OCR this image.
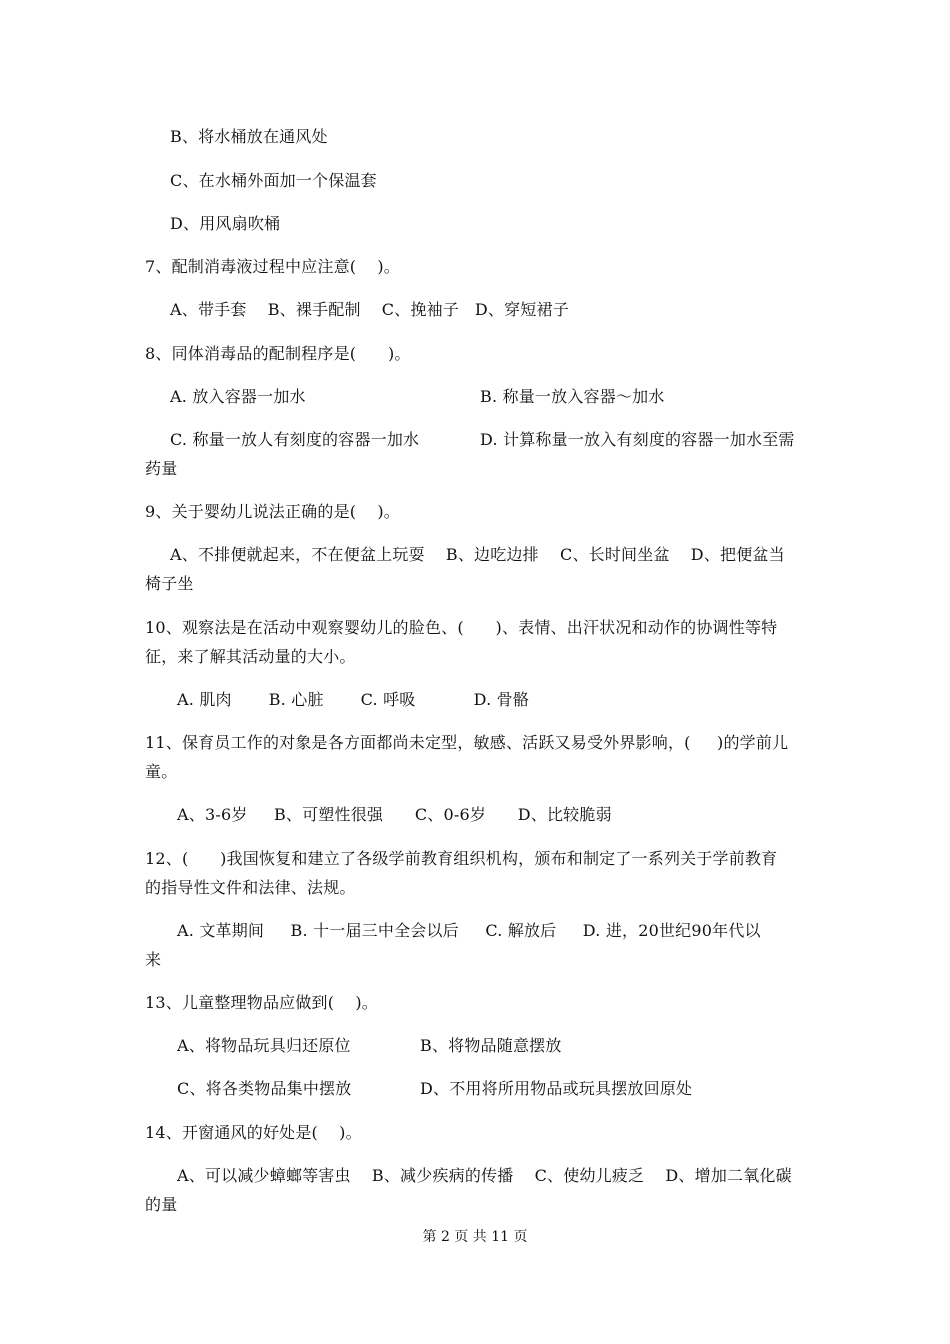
B、将水桶放在通风处
C、在水桶外面加一个保温套
D、用风扇吹桶
7、配制消毒液过程中应注意(    )。
A、带手套    B、裸手配制    C、挽袖子   D、穿短裙子
8、同体消毒品的配制程序是(      )。
A. 放入容器一加水	B. 称量一放入容器～加水
C. 称量一放人有刻度的容器一加水	D. 计算称量一放入有刻度的容器一加水至需
药量
9、关于婴幼儿说法正确的是(    )。
A、不排便就起来，不在便盆上玩耍    B、边吃边排    C、长时间坐盆    D、把便盆当
椅子坐
10、观察法是在活动中观察婴幼儿的脸色、(      )、表情、出汗状况和动作的协调性等特
征，来了解其活动量的大小。
A. 肌肉       B. 心脏       C. 呼吸           D. 骨骼
11、保育员工作的对象是各方面都尚未定型，敏感、活跃又易受外界影响，(     )的学前儿
童。
A、3-6岁     B、可塑性很强      C、0-6岁      D、比较脆弱
12、(      )我国恢复和建立了各级学前教育组织机构，颁布和制定了一系列关于学前教育
的指导性文件和法律、法规。
A. 文革期间     B. 十一届三中全会以后     C. 解放后     D. 进，20世纪90年代以
来
13、儿童整理物品应做到(    )。
A、将物品玩具归还原位	B、将物品随意摆放
C、将各类物品集中摆放	D、不用将所用物品或玩具摆放回原处
14、开窗通风的好处是(    )。
A、可以减少蟑螂等害虫    B、减少疾病的传播    C、使幼儿疲乏    D、增加二氧化碳
的量
第 2 页 共 11 页
